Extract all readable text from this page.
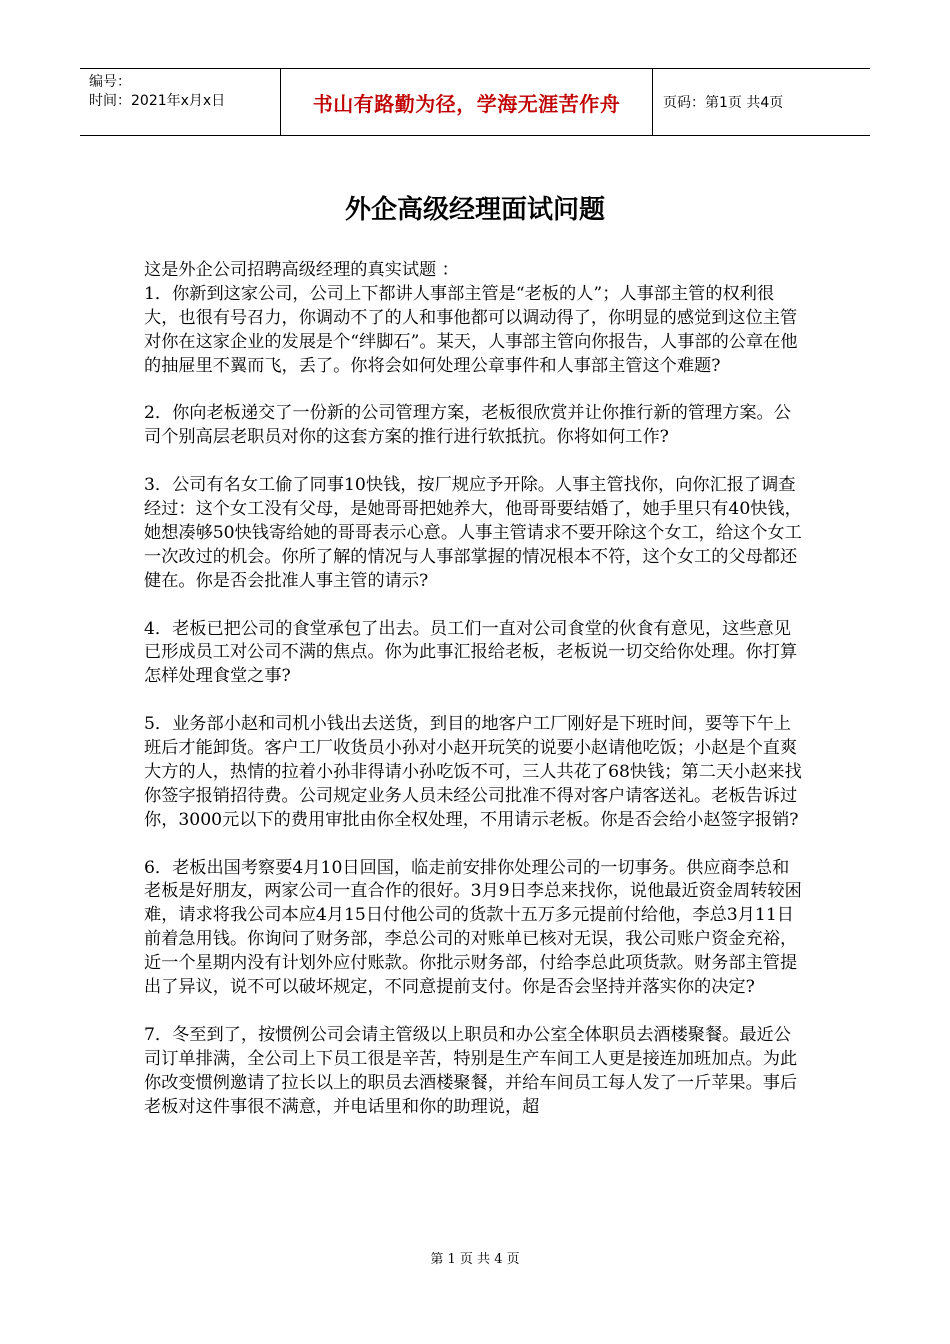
编号：
时间：2021年x月x日	书山有路勤为径，学海无涯苦作舟	页码：第1页 共4页
外企高级经理面试问题

这是外企公司招聘高级经理的真实试题 ：

1．你新到这家公司，公司上下都讲人事部主管是“老板的人”；人事部主管的权利很大，也很有号召力，你调动不了的人和事他都可以调动得了，你明显的感觉到这位主管对你在这家企业的发展是个“绊脚石”。某天，人事部主管向你报告，人事部的公章在他的抽屉里不翼而飞，丢了。你将会如何处理公章事件和人事部主管这个难题?

2．你向老板递交了一份新的公司管理方案，老板很欣赏并让你推行新的管理方案。公司个别高层老职员对你的这套方案的推行进行软抵抗。你将如何工作?

3．公司有名女工偷了同事10快钱，按厂规应予开除。人事主管找你，向你汇报了调查经过：这个女工没有父母，是她哥哥把她养大，他哥哥要结婚了，她手里只有40快钱，她想凑够50快钱寄给她的哥哥表示心意。人事主管请求不要开除这个女工，给这个女工一次改过的机会。你所了解的情况与人事部掌握的情况根本不符，这个女工的父母都还健在。你是否会批准人事主管的请示?

4．老板已把公司的食堂承包了出去。员工们一直对公司食堂的伙食有意见，这些意见已形成员工对公司不满的焦点。你为此事汇报给老板，老板说一切交给你处理。你打算怎样处理食堂之事?

5．业务部小赵和司机小钱出去送货，到目的地客户工厂刚好是下班时间，要等下午上班后才能卸货。客户工厂收货员小孙对小赵开玩笑的说要小赵请他吃饭；小赵是个直爽大方的人，热情的拉着小孙非得请小孙吃饭不可，三人共花了68快钱；第二天小赵来找你签字报销招待费。公司规定业务人员未经公司批准不得对客户请客送礼。老板告诉过你，3000元以下的费用审批由你全权处理，不用请示老板。你是否会给小赵签字报销?

6．老板出国考察要4月10日回国，临走前安排你处理公司的一切事务。供应商李总和老板是好朋友，两家公司一直合作的很好。3月9日李总来找你，说他最近资金周转较困难，请求将我公司本应4月15日付他公司的货款十五万多元提前付给他，李总3月11日前着急用钱。你询问了财务部，李总公司的对账单已核对无误，我公司账户资金充裕，近一个星期内没有计划外应付账款。你批示财务部，付给李总此项货款。财务部主管提出了异议，说不可以破坏规定，不同意提前支付。你是否会坚持并落实你的决定?

7．冬至到了，按惯例公司会请主管级以上职员和办公室全体职员去酒楼聚餐。最近公司订单排满，全公司上下员工很是辛苦，特别是生产车间工人更是接连加班加点。为此你改变惯例邀请了拉长以上的职员去酒楼聚餐，并给车间员工每人发了一斤苹果。事后老板对这件事很不满意，并电话里和你的助理说，超

第 1 页 共 4 页
